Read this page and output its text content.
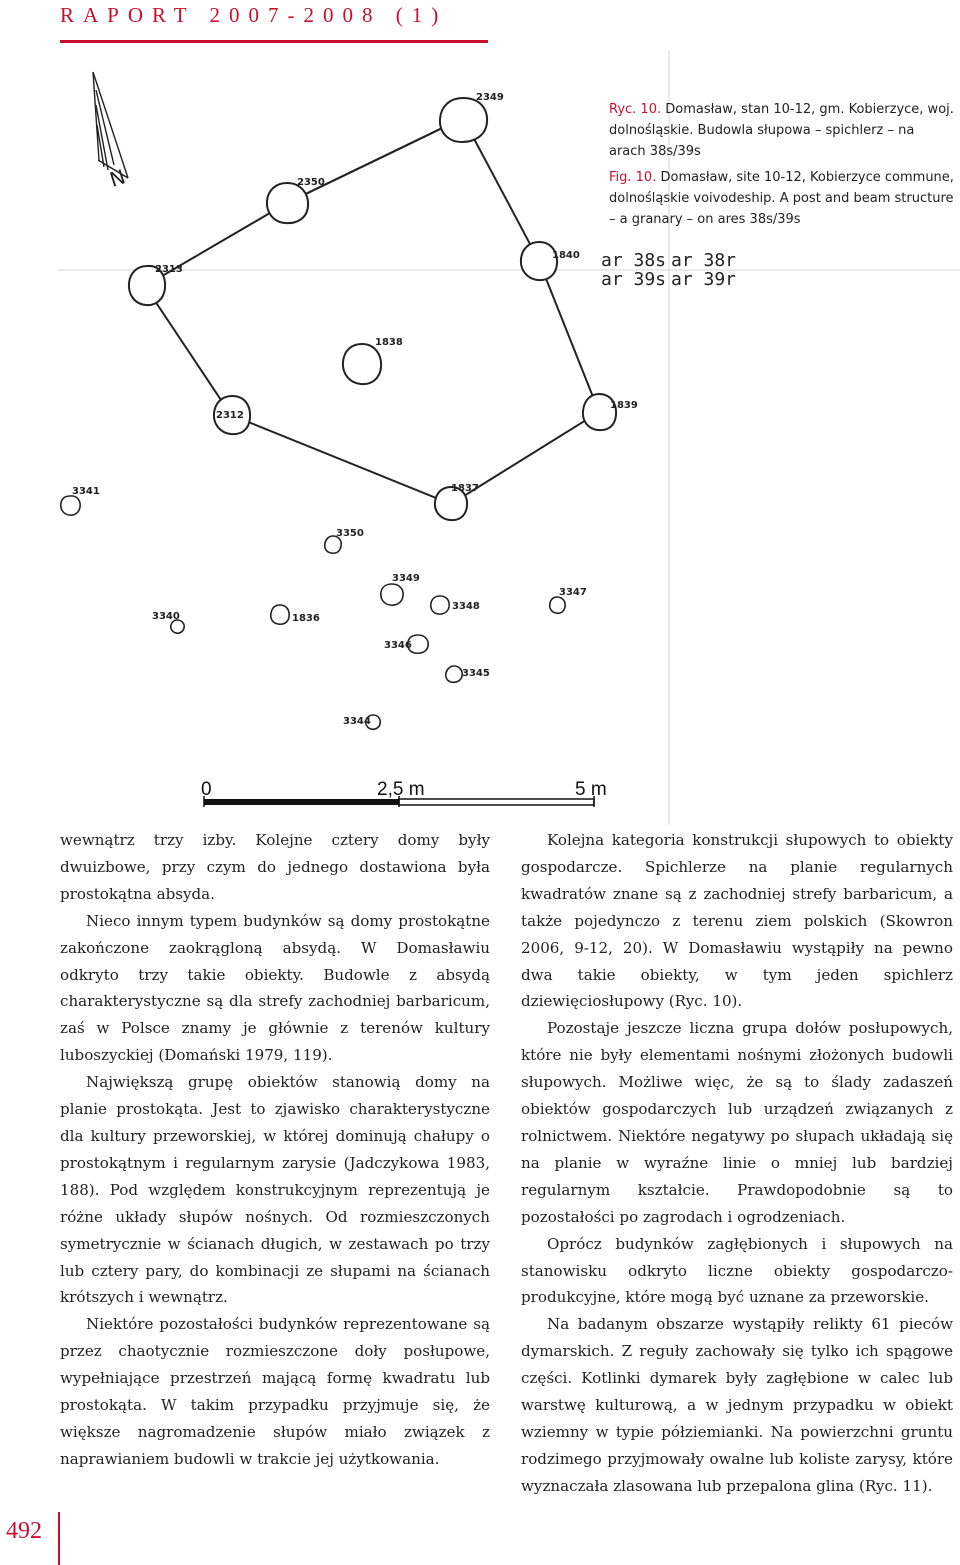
RAPORT 2007-2008 (1)
N
2349
2350
2313
1840
1838
2312
1839
3341	1837
3350
3349
3348
3347
3340	1836
3346
3345
3344
ar 38s ar 38r
ar 39s ar 39r
0	2,5 m	5 m
Ryc. 10. Domasław, stan 10-12, gm. Kobierzyce, woj. dolnośląskie. Budowla słupowa – spichlerz – na arach 38s/39s
Fig. 10. Domasław, site 10-12, Kobierzyce commune, dolnośląskie voivodeship. A post and beam structure – a granary – on ares 38s/39s

wewnątrz trzy izby. Kolejne cztery domy były dwuizbowe, przy czym do jednego dostawiona była prostokątna absyda.

Nieco innym typem budynków są domy prostokątne zakończone zaokrągloną absydą. W Domasławiu odkryto trzy takie obiekty. Budowle z absydą charakterystyczne są dla strefy zachodniej barbaricum, zaś w Polsce znamy je głównie z terenów kultury luboszyckiej (Domański 1979, 119).

Największą grupę obiektów stanowią domy na planie prostokąta. Jest to zjawisko charakterystyczne dla kultury przeworskiej, w której dominują chałupy o prostokątnym i regularnym zarysie (Jadczykowa 1983, 188). Pod względem konstrukcyjnym reprezentują je różne układy słupów nośnych. Od rozmieszczonych symetrycznie w ścianach długich, w zestawach po trzy lub cztery pary, do kombinacji ze słupami na ścianach krótszych i wewnątrz.

Niektóre pozostałości budynków reprezentowane są przez chaotycznie rozmieszczone doły posłupowe, wypełniające przestrzeń mającą formę kwadratu lub prostokąta. W takim przypadku przyjmuje się, że większe nagromadzenie słupów miało związek z naprawianiem budowli w trakcie jej użytkowania.

Kolejna kategoria konstrukcji słupowych to obiekty gospodarcze. Spichlerze na planie regularnych kwadratów znane są z zachodniej strefy barbaricum, a także pojedynczo z terenu ziem polskich (Skowron 2006, 9-12, 20). W Domasławiu wystąpiły na pewno dwa takie obiekty, w tym jeden spichlerz dziewięciosłupowy (Ryc. 10).

Pozostaje jeszcze liczna grupa dołów posłupowych, które nie były elementami nośnymi złożonych budowli słupowych. Możliwe więc, że są to ślady zadaszeń obiektów gospodarczych lub urządzeń związanych z rolnictwem. Niektóre negatywy po słupach układają się na planie w wyraźne linie o mniej lub bardziej regularnym kształcie. Prawdopodobnie są to pozostałości po zagrodach i ogrodzeniach.

Oprócz budynków zagłębionych i słupowych na stanowisku odkryto liczne obiekty gospodarczo-produkcyjne, które mogą być uznane za przeworskie.

Na badanym obszarze wystąpiły relikty 61 pieców dymarskich. Z reguły zachowały się tylko ich spągowe części. Kotlinki dymarek były zagłębione w calec lub warstwę kulturową, a w jednym przypadku w obiekt wziemny w typie półziemianki. Na powierzchni gruntu rodzimego przyjmowały owalne lub koliste zarysy, które wyznaczała zlasowana lub przepalona glina (Ryc. 11).

492
